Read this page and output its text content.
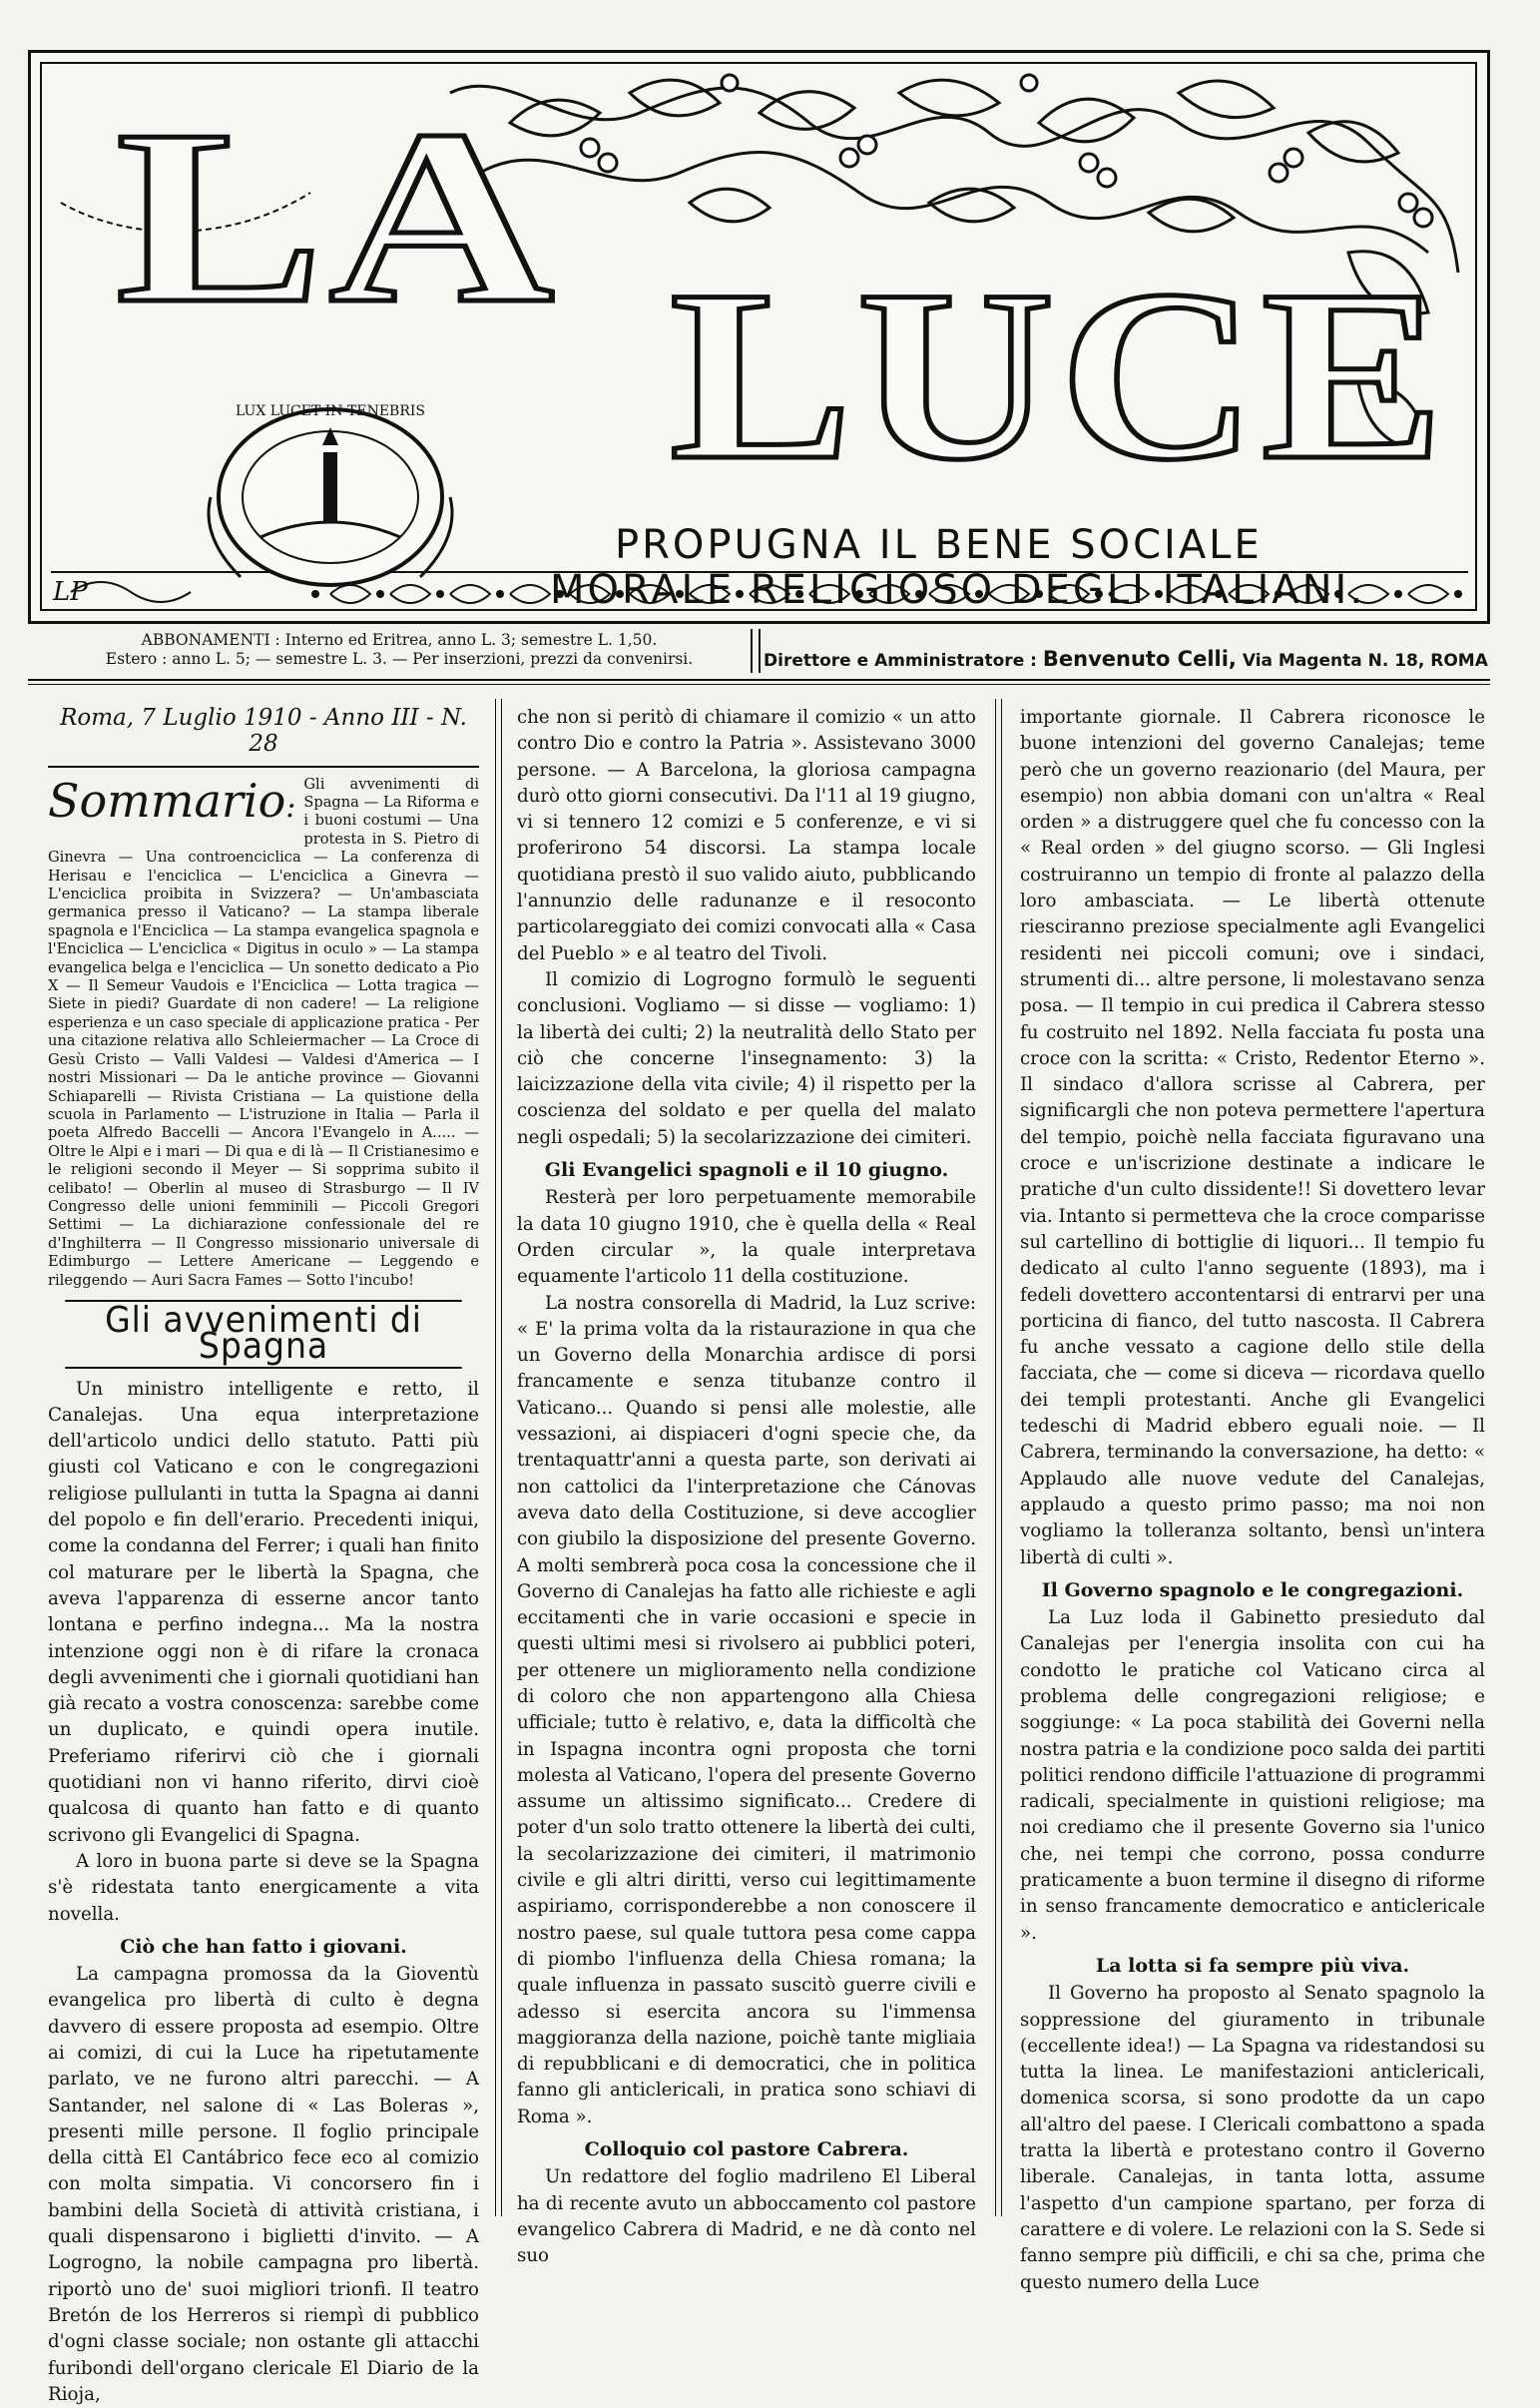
LA
LUCE
LUX LUCET IN TENEBRIS
PROPUGNA IL BENE SOCIALE
MORALE RELIGIOSO DEGLI ITALIANI.
LP
ABBONAMENTI : Interno ed Eritrea, anno L. 3; semestre L. 1,50.
Estero : anno L. 5; — semestre L. 3. — Per inserzioni, prezzi da convenirsi.	Direttore e Amministratore : Benvenuto Celli, Via Magenta N. 18, ROMA
Roma, 7 Luglio 1910 - Anno III - N. 28
Sommario:
Gli avvenimenti di Spagna — La Riforma e i buoni costumi — Una protesta in S. Pietro di Ginevra — Una controenciclica — La conferenza di Herisau e l'enciclica — L'enciclica a Ginevra — L'enciclica proibita in Svizzera? — Un'ambasciata germanica presso il Vaticano? — La stampa liberale spagnola e l'Enciclica — La stampa evangelica spagnola e l'Enciclica — L'enciclica « Digitus in oculo » — La stampa evangelica belga e l'enciclica — Un sonetto dedicato a Pio X — Il Semeur Vaudois e l'Enciclica — Lotta tragica — Siete in piedi? Guardate di non cadere! — La religione esperienza e un caso speciale di applicazione pratica - Per una citazione relativa allo Schleiermacher — La Croce di Gesù Cristo — Valli Valdesi — Valdesi d'America — I nostri Missionari — Da le antiche province — Giovanni Schiaparelli — Rivista Cristiana — La quistione della scuola in Parlamento — L'istruzione in Italia — Parla il poeta Alfredo Baccelli — Ancora l'Evangelo in A..... — Oltre le Alpi e i mari — Di qua e di là — Il Cristianesimo e le religioni secondo il Meyer — Si sopprima subito il celibato! — Oberlin al museo di Strasburgo — Il IV Congresso delle unioni femminili — Piccoli Gregori Settimi — La dichiarazione confessionale del re d'Inghilterra — Il Congresso missionario universale di Edimburgo — Lettere Americane — Leggendo e rileggendo — Auri Sacra Fames — Sotto l'incubo!
Gli avvenimenti di Spagna

Un ministro intelligente e retto, il Canalejas. Una equa interpretazione dell'articolo undici dello statuto. Patti più giusti col Vaticano e con le congregazioni religiose pullulanti in tutta la Spagna ai danni del popolo e fin dell'erario. Precedenti iniqui, come la condanna del Ferrer; i quali han finito col maturare per le libertà la Spagna, che aveva l'apparenza di esserne ancor tanto lontana e perfino indegna... Ma la nostra intenzione oggi non è di rifare la cronaca degli avvenimenti che i giornali quotidiani han già recato a vostra conoscenza: sarebbe come un duplicato, e quindi opera inutile. Preferiamo riferirvi ciò che i giornali quotidiani non vi hanno riferito, dirvi cioè qualcosa di quanto han fatto e di quanto scrivono gli Evangelici di Spagna.

A loro in buona parte si deve se la Spagna s'è ridestata tanto energicamente a vita novella.

Ciò che han fatto i giovani.

La campagna promossa da la Gioventù evangelica pro libertà di culto è degna davvero di essere proposta ad esempio. Oltre ai comizi, di cui la Luce ha ripetutamente parlato, ve ne furono altri parecchi. — A Santander, nel salone di « Las Boleras », presenti mille persone. Il foglio principale della città El Cantábrico fece eco al comizio con molta simpatia. Vi concorsero fin i bambini della Società di attività cristiana, i quali dispensarono i biglietti d'invito. — A Logrogno, la nobile campagna pro libertà. riportò uno de' suoi migliori trionfi. Il teatro Bretón de los Herreros si riempì di pubblico d'ogni classe sociale; non ostante gli attacchi furibondi dell'organo clericale El Diario de la Rioja,

che non si peritò di chiamare il comizio « un atto contro Dio e contro la Patria ». Assistevano 3000 persone. — A Barcelona, la gloriosa campagna durò otto giorni consecutivi. Da l'11 al 19 giugno, vi si tennero 12 comizi e 5 conferenze, e vi si proferirono 54 discorsi. La stampa locale quotidiana prestò il suo valido aiuto, pubblicando l'annunzio delle radunanze e il resoconto particolareggiato dei comizi convocati alla « Casa del Pueblo » e al teatro del Tivoli.

Il comizio di Logrogno formulò le seguenti conclusioni. Vogliamo — si disse — vogliamo: 1) la libertà dei culti; 2) la neutralità dello Stato per ciò che concerne l'insegnamento: 3) la laicizzazione della vita civile; 4) il rispetto per la coscienza del soldato e per quella del malato negli ospedali; 5) la secolarizzazione dei cimiteri.

Gli Evangelici spagnoli e il 10 giugno.

Resterà per loro perpetuamente memorabile la data 10 giugno 1910, che è quella della « Real Orden circular », la quale interpretava equamente l'articolo 11 della costituzione.

La nostra consorella di Madrid, la Luz scrive: « E' la prima volta da la ristaurazione in qua che un Governo della Monarchia ardisce di porsi francamente e senza titubanze contro il Vaticano... Quando si pensi alle molestie, alle vessazioni, ai dispiaceri d'ogni specie che, da trentaquattr'anni a questa parte, son derivati ai non cattolici da l'interpretazione che Cánovas aveva dato della Costituzione, si deve accoglier con giubilo la disposizione del presente Governo. A molti sembrerà poca cosa la concessione che il Governo di Canalejas ha fatto alle richieste e agli eccitamenti che in varie occasioni e specie in questi ultimi mesi si rivolsero ai pubblici poteri, per ottenere un miglioramento nella condizione di coloro che non appartengono alla Chiesa ufficiale; tutto è relativo, e, data la difficoltà che in Ispagna incontra ogni proposta che torni molesta al Vaticano, l'opera del presente Governo assume un altissimo significato... Credere di poter d'un solo tratto ottenere la libertà dei culti, la secolarizzazione dei cimiteri, il matrimonio civile e gli altri diritti, verso cui legittimamente aspiriamo, corrisponderebbe a non conoscere il nostro paese, sul quale tuttora pesa come cappa di piombo l'influenza della Chiesa romana; la quale influenza in passato suscitò guerre civili e adesso si esercita ancora su l'immensa maggioranza della nazione, poichè tante migliaia di repubblicani e di democratici, che in politica fanno gli anticlericali, in pratica sono schiavi di Roma ».

Colloquio col pastore Cabrera.

Un redattore del foglio madrileno El Liberal ha di recente avuto un abboccamento col pastore evangelico Cabrera di Madrid, e ne dà conto nel suo

importante giornale. Il Cabrera riconosce le buone intenzioni del governo Canalejas; teme però che un governo reazionario (del Maura, per esempio) non abbia domani con un'altra « Real orden » a distruggere quel che fu concesso con la « Real orden » del giugno scorso. — Gli Inglesi costruiranno un tempio di fronte al palazzo della loro ambasciata. — Le libertà ottenute riesciranno preziose specialmente agli Evangelici residenti nei piccoli comuni; ove i sindaci, strumenti di... altre persone, li molestavano senza posa. — Il tempio in cui predica il Cabrera stesso fu costruito nel 1892. Nella facciata fu posta una croce con la scritta: « Cristo, Redentor Eterno ». Il sindaco d'allora scrisse al Cabrera, per significargli che non poteva permettere l'apertura del tempio, poichè nella facciata figuravano una croce e un'iscrizione destinate a indicare le pratiche d'un culto dissidente!! Si dovettero levar via. Intanto si permetteva che la croce comparisse sul cartellino di bottiglie di liquori... Il tempio fu dedicato al culto l'anno seguente (1893), ma i fedeli dovettero accontentarsi di entrarvi per una porticina di fianco, del tutto nascosta. Il Cabrera fu anche vessato a cagione dello stile della facciata, che — come si diceva — ricordava quello dei templi protestanti. Anche gli Evangelici tedeschi di Madrid ebbero eguali noie. — Il Cabrera, terminando la conversazione, ha detto: « Applaudo alle nuove vedute del Canalejas, applaudo a questo primo passo; ma noi non vogliamo la tolleranza soltanto, bensì un'intera libertà di culti ».

Il Governo spagnolo e le congregazioni.

La Luz loda il Gabinetto presieduto dal Canalejas per l'energia insolita con cui ha condotto le pratiche col Vaticano circa al problema delle congregazioni religiose; e soggiunge: « La poca stabilità dei Governi nella nostra patria e la condizione poco salda dei partiti politici rendono difficile l'attuazione di programmi radicali, specialmente in quistioni religiose; ma noi crediamo che il presente Governo sia l'unico che, nei tempi che corrono, possa condurre praticamente a buon termine il disegno di riforme in senso francamente democratico e anticlericale ».

La lotta si fa sempre più viva.

Il Governo ha proposto al Senato spagnolo la soppressione del giuramento in tribunale (eccellente idea!) — La Spagna va ridestandosi su tutta la linea. Le manifestazioni anticlericali, domenica scorsa, si sono prodotte da un capo all'altro del paese. I Clericali combattono a spada tratta la libertà e protestano contro il Governo liberale. Canalejas, in tanta lotta, assume l'aspetto d'un campione spartano, per forza di carattere e di volere. Le relazioni con la S. Sede si fanno sempre più difficili, e chi sa che, prima che questo numero della Luce
